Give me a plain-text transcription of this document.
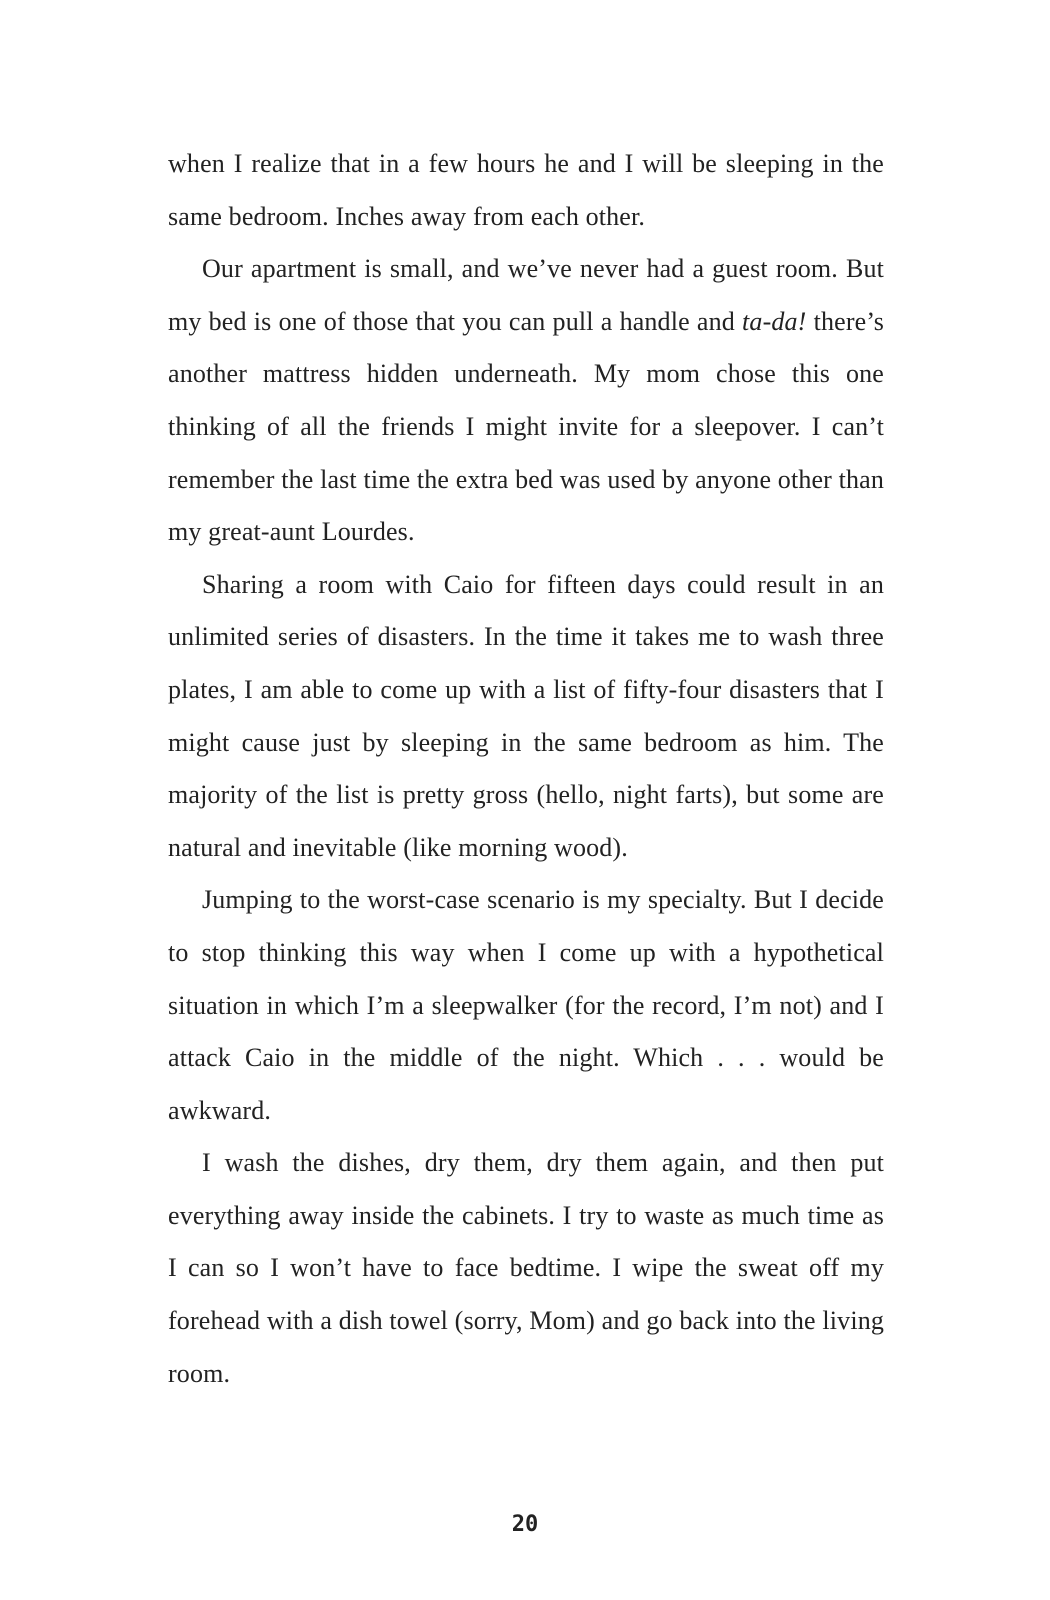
when I realize that in a few hours he and I will be sleeping in the same bedroom. Inches away from each other.

Our apartment is small, and we’ve never had a guest room. But my bed is one of those that you can pull a handle and ta-da! there’s another mattress hidden underneath. My mom chose this one thinking of all the friends I might invite for a sleepover. I can’t remember the last time the extra bed was used by anyone other than my great-aunt Lourdes.

Sharing a room with Caio for fifteen days could result in an unlimited series of disasters. In the time it takes me to wash three plates, I am able to come up with a list of fifty-four disasters that I might cause just by sleeping in the same bedroom as him. The majority of the list is pretty gross (hello, night farts), but some are natural and inevitable (like morning wood).

Jumping to the worst-case scenario is my specialty. But I decide to stop thinking this way when I come up with a hypothetical situation in which I’m a sleepwalker (for the record, I’m not) and I attack Caio in the middle of the night. Which . . . would be awkward.

I wash the dishes, dry them, dry them again, and then put everything away inside the cabinets. I try to waste as much time as I can so I won’t have to face bedtime. I wipe the sweat off my forehead with a dish towel (sorry, Mom) and go back into the living room.

20
